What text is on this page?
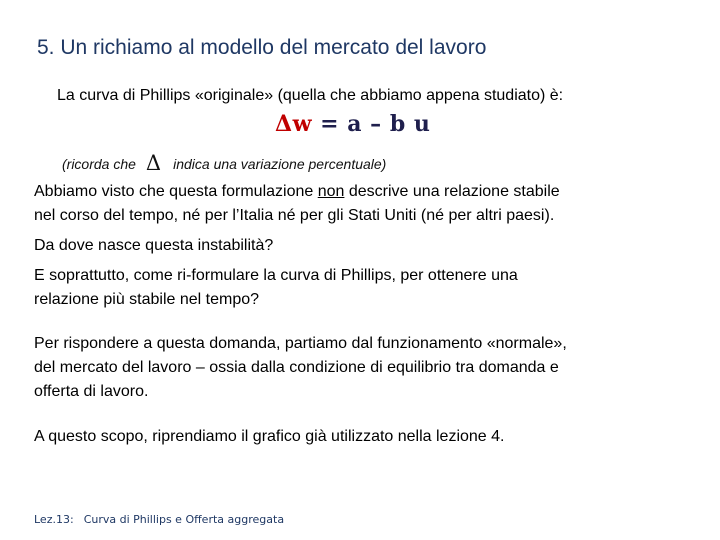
5. Un richiamo al modello del mercato del lavoro
La curva di Phillips «originale» (quella che abbiamo appena studiato) è:
Δw = a – b u
(ricorda che Δ indica una variazione percentuale)
Abbiamo visto che questa formulazione non descrive una relazione stabile
nel corso del tempo, né per l’Italia né per gli Stati Uniti (né per altri paesi).
Da dove nasce questa instabilità?
E soprattutto, come ri-formulare la curva di Phillips, per ottenere una
relazione più stabile nel tempo?
Per rispondere a questa domanda, partiamo dal funzionamento «normale»,
del mercato del lavoro – ossia dalla condizione di equilibrio tra domanda e
offerta di lavoro.
A questo scopo, riprendiamo il grafico già utilizzato nella lezione 4.
Lez.13: Curva di Phillips e Offerta aggregata
